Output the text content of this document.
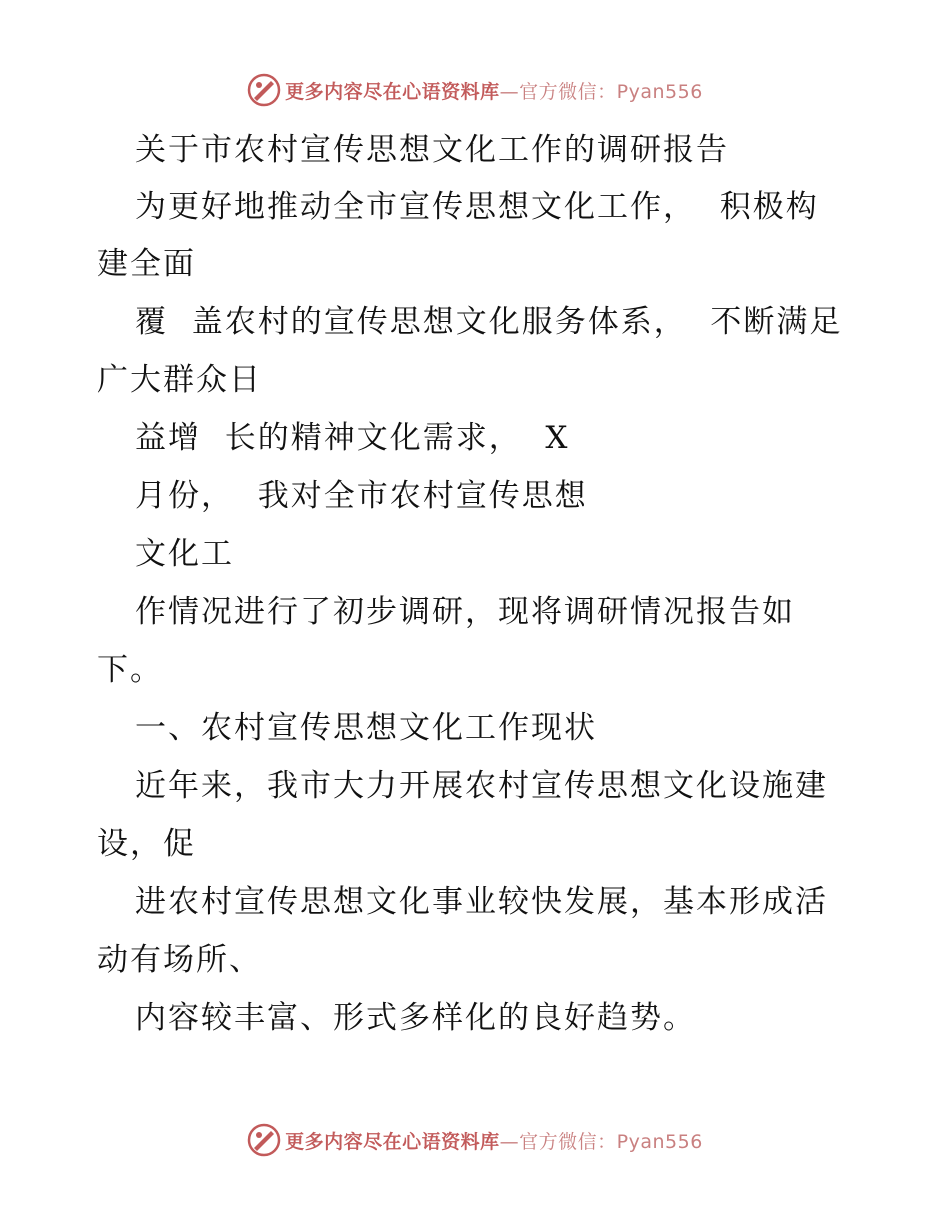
更多内容尽在心语资料库—官方微信：Pyan556
关于市农村宣传思想文化工作的调研报告
为更好地推动全市宣传思想文化工作，  积极构
建全面
覆  盖农村的宣传思想文化服务体系，  不断满足
广大群众日
益增  长的精神文化需求，  X
月份，  我对全市农村宣传思想
文化工
作情况进行了初步调研，现将调研情况报告如
下。
一、农村宣传思想文化工作现状
近年来，我市大力开展农村宣传思想文化设施建
设，促
进农村宣传思想文化事业较快发展，基本形成活
动有场所、
内容较丰富、形式多样化的良好趋势。
更多内容尽在心语资料库—官方微信：Pyan556
